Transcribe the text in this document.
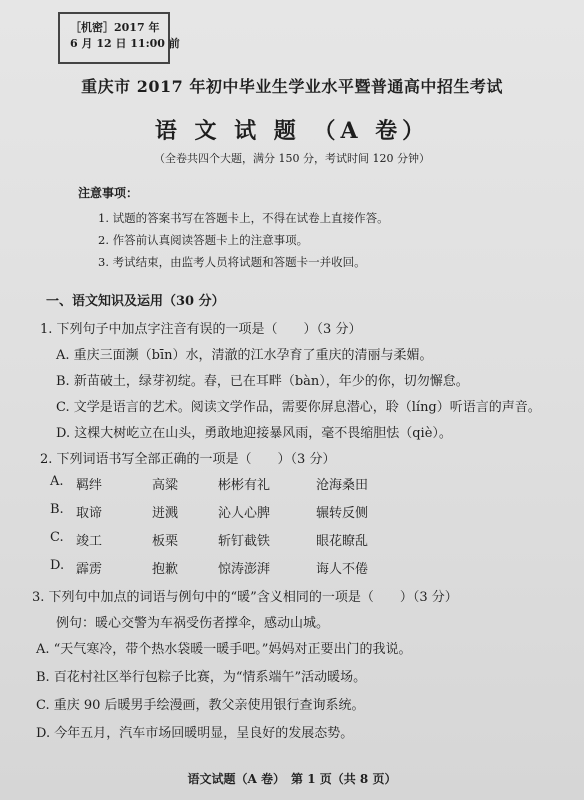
［机密］2017 年
6 月 12 日 11:00 前
重庆市 2017 年初中毕业生学业水平暨普通高中招生考试
语 文 试 题 （A 卷）
（全卷共四个大题，满分 150 分，考试时间 120 分钟）
注意事项：
1. 试题的答案书写在答题卡上，不得在试卷上直接作答。
2. 作答前认真阅读答题卡上的注意事项。
3. 考试结束，由监考人员将试题和答题卡一并收回。
一、语文知识及运用（30 分）
1. 下列句子中加点字注音有误的一项是（　　）（3 分）
A. 重庆三面濒（bīn）水，清澈的江水孕育了重庆的清丽与柔媚。
B. 新苗破土，绿芽初绽。春，已在耳畔（bàn），年少的你，切勿懈怠。
C. 文学是语言的艺术。阅读文学作品，需要你屏息潜心，聆（líng）听语言的声音。
D. 这棵大树屹立在山头，勇敢地迎接暴风雨，毫不畏缩胆怯（qiè）。
2. 下列词语书写全部正确的一项是（　　）（3 分）
A. 羁绊	高粱	彬彬有礼	沧海桑田
B. 取谛	迸溅	沁人心脾	辗转反侧
C. 竣工	板栗	斩钉截铁	眼花瞭乱
D. 霹雳	抱歉	惊涛澎湃	诲人不倦
3. 下列句中加点的词语与例句中的“暖”含义相同的一项是（　　）（3 分）
例句：暖心交警为车祸受伤者撑伞，感动山城。
A. “天气寒冷，带个热水袋暖一暖手吧。”妈妈对正要出门的我说。
B. 百花村社区举行包粽子比赛，为“情系端午”活动暖场。
C. 重庆 90 后暖男手绘漫画，教父亲使用银行查询系统。
D. 今年五月，汽车市场回暖明显，呈良好的发展态势。
语文试题（A 卷）　第 1 页（共 8 页）
